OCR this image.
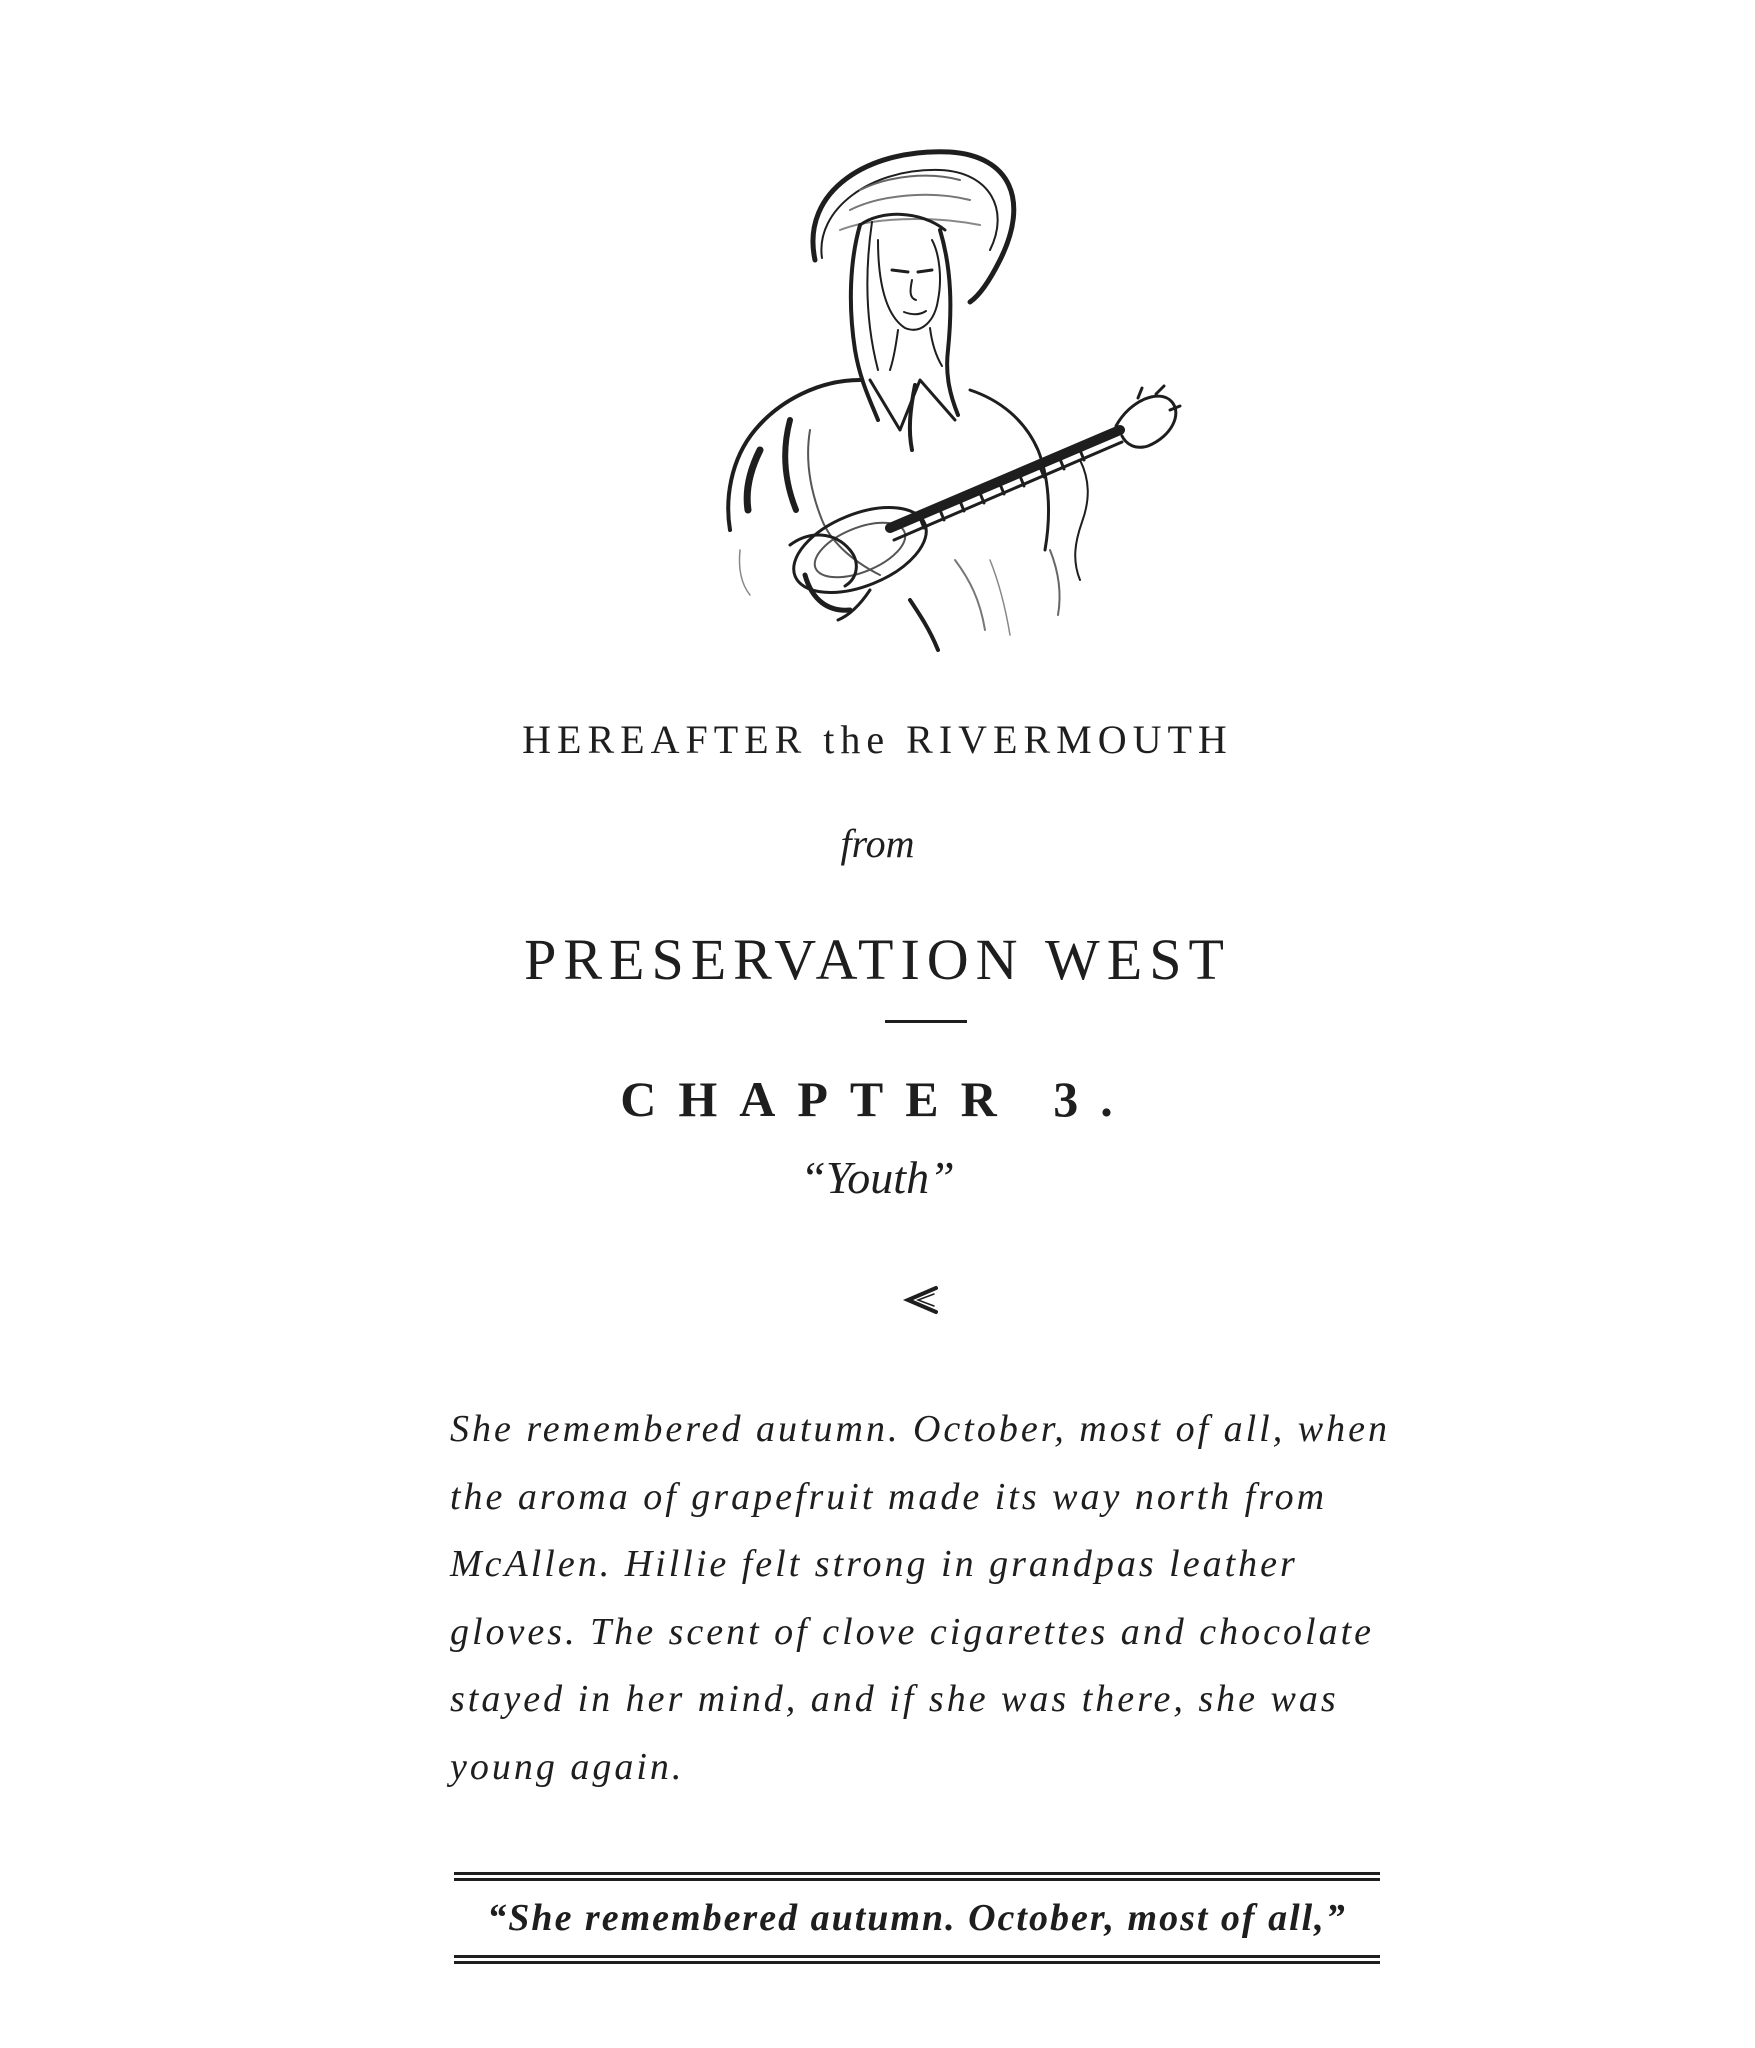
HEREAFTER the RIVERMOUTH
from
PRESERVATION WEST
CHAPTER 3.
“Youth”

She remembered autumn. October, most of all, when the aroma of grapefruit made its way north from McAllen. Hillie felt strong in grandpas leather gloves. The scent of clove cigarettes and chocolate stayed in her mind, and if she was there, she was young again.

“She remembered autumn. October, most of all,”
